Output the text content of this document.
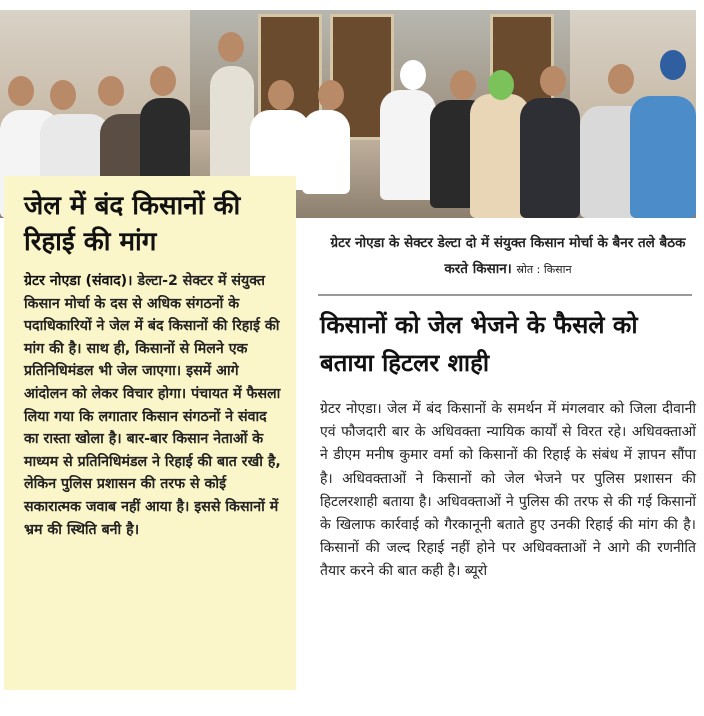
जेल में बंद किसानों की रिहाई की मांग
ग्रेटर नोएडा (संवाद)। डेल्टा-2 सेक्टर में संयुक्त किसान मोर्चा के दस से अधिक संगठनों के पदाधिकारियों ने जेल में बंद किसानों की रिहाई की मांग की है। साथ ही, किसानों से मिलने एक प्रतिनिधिमंडल भी जेल जाएगा। इसमें आगे आंदोलन को लेकर विचार होगा। पंचायत में फैसला लिया गया कि लगातार किसान संगठनों ने संवाद का रास्ता खोला है। बार-बार किसान नेताओं के माध्यम से प्रतिनिधिमंडल ने रिहाई की बात रखी है, लेकिन पुलिस प्रशासन की तरफ से कोई सकारात्मक जवाब नहीं आया है। इससे किसानों में भ्रम की स्थिति बनी है।
ग्रेटर नोएडा के सेक्टर डेल्टा दो में संयुक्त किसान मोर्चा के बैनर तले बैठक करते किसान। स्रोत : किसान
किसानों को जेल भेजने के फैसले को बताया हिटलर शाही

ग्रेटर नोएडा। जेल में बंद किसानों के समर्थन में मंगलवार को जिला दीवानी एवं फौजदारी बार के अधिवक्ता न्यायिक कार्यों से विरत रहे। अधिवक्ताओं ने डीएम मनीष कुमार वर्मा को किसानों की रिहाई के संबंध में ज्ञापन सौंपा है। अधिवक्ताओं ने किसानों को जेल भेजने पर पुलिस प्रशासन की हिटलरशाही बताया है। अधिवक्ताओं ने पुलिस की तरफ से की गई किसानों के खिलाफ कार्रवाई को गैरकानूनी बताते हुए उनकी रिहाई की मांग की है। किसानों की जल्द रिहाई नहीं होने पर अधिवक्ताओं ने आगे की रणनीति तैयार करने की बात कही है। ब्यूरो
